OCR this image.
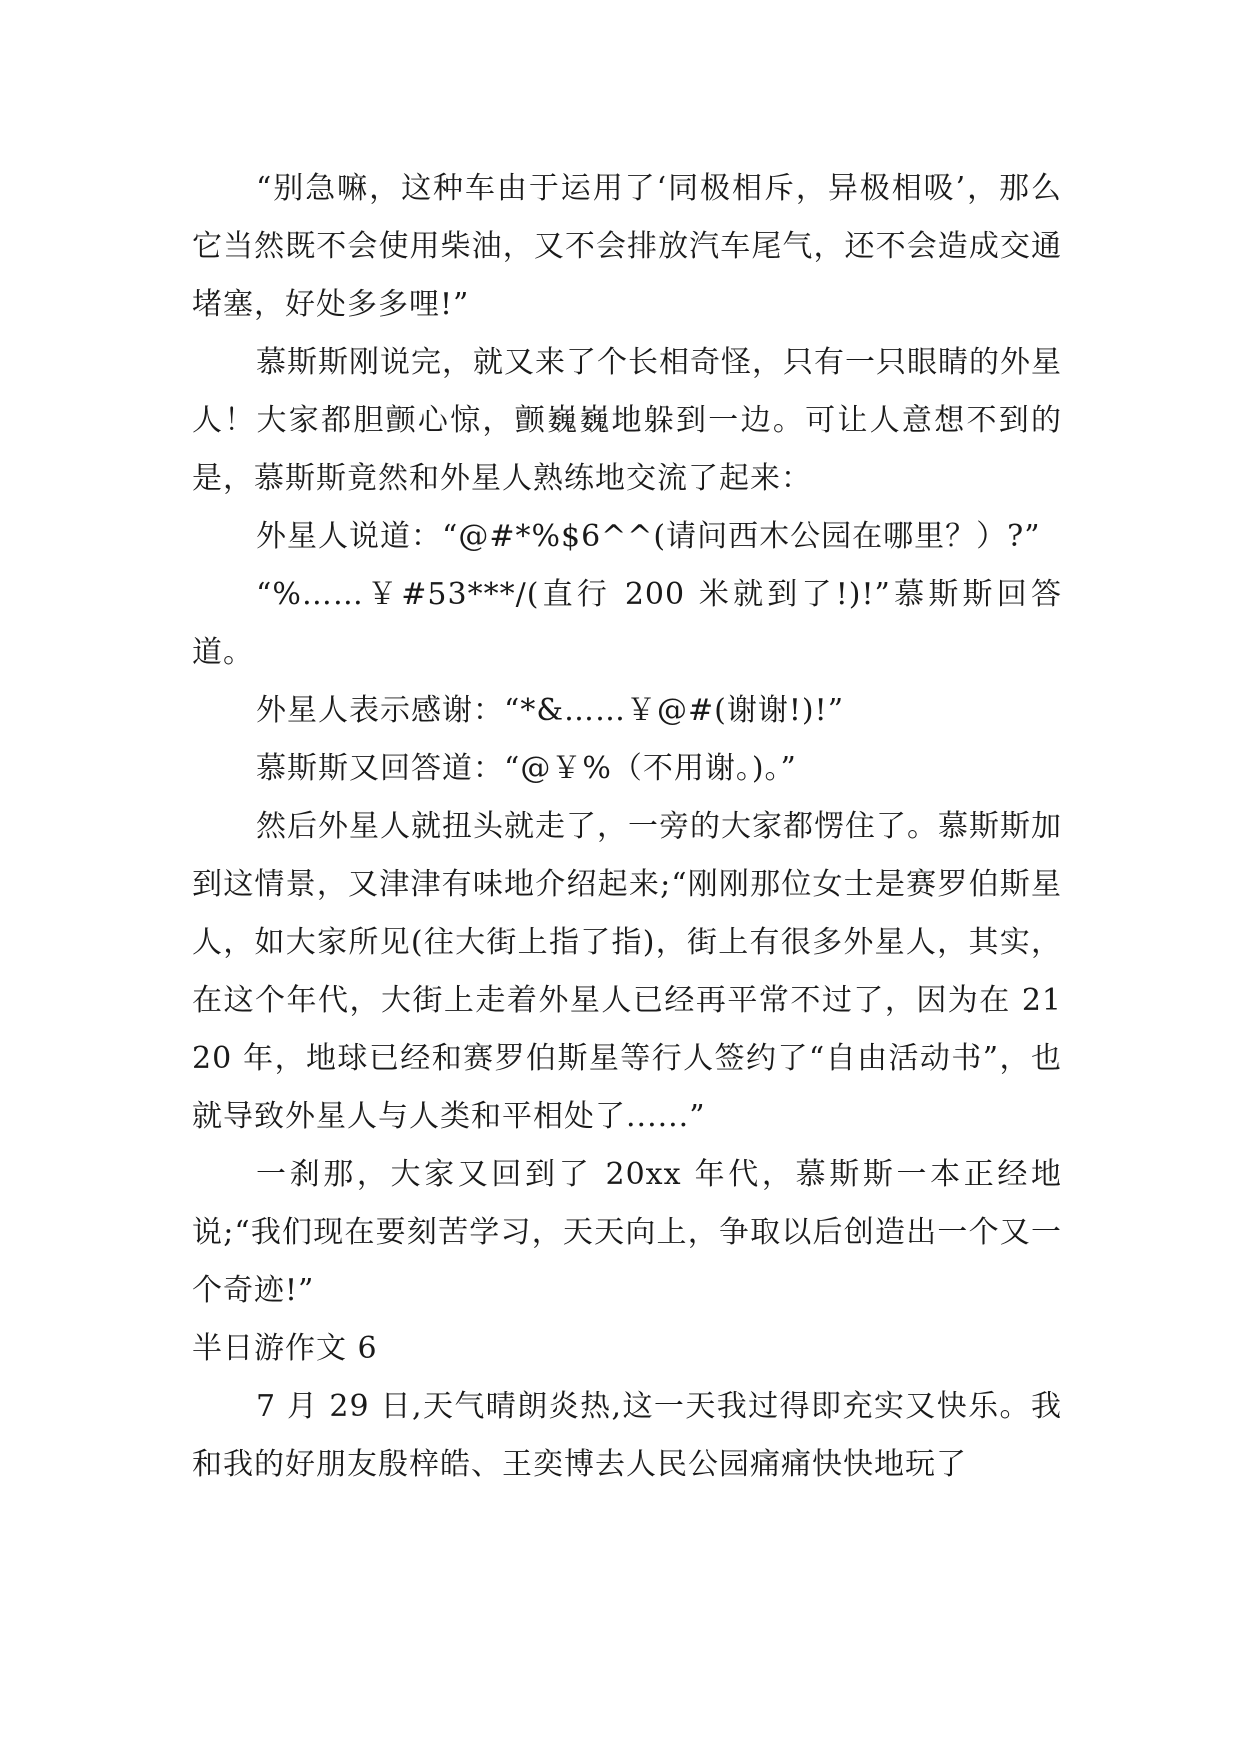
“别急嘛，这种车由于运用了‘同极相斥，异极相吸’，那么它当然既不会使用柴油，又不会排放汽车尾气，还不会造成交通堵塞，好处多多哩!”

慕斯斯刚说完，就又来了个长相奇怪，只有一只眼睛的外星人！大家都胆颤心惊，颤巍巍地躲到一边。可让人意想不到的是，慕斯斯竟然和外星人熟练地交流了起来：

外星人说道：“@#*%$6^^(请问西木公园在哪里？）?”

“%……￥#53***/(直行 200 米就到了!)!”慕斯斯回答道。

外星人表示感谢：“*&……￥@#(谢谢!)!”

慕斯斯又回答道：“@￥%（不用谢。)。”

然后外星人就扭头就走了，一旁的大家都愣住了。慕斯斯加到这情景，又津津有味地介绍起来;“刚刚那位女士是赛罗伯斯星人，如大家所见(往大街上指了指)，街上有很多外星人，其实，在这个年代，大街上走着外星人已经再平常不过了，因为在 2120 年，地球已经和赛罗伯斯星等行人签约了“自由活动书”，也就导致外星人与人类和平相处了......”

一刹那，大家又回到了 20xx 年代，慕斯斯一本正经地说;“我们现在要刻苦学习，天天向上，争取以后创造出一个又一个奇迹!”

半日游作文 6

7 月 29 日,天气晴朗炎热,这一天我过得即充实又快乐。我和我的好朋友殷梓皓、王奕博去人民公园痛痛快快地玩了
